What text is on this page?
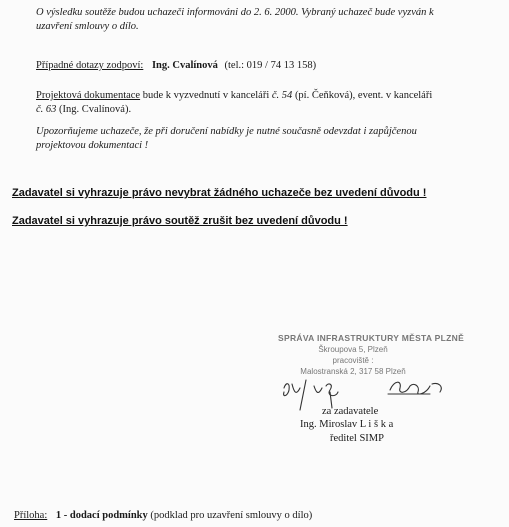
O výsledku soutěže budou uchazeči informováni do 2. 6. 2000. Vybraný uchazeč bude vyzván k
uzavření smlouvy o dílo.
Případné dotazy zodpoví: Ing. Cvalínová (tel.: 019 / 74 13 158)
Projektová dokumentace bude k vyzvednutí v kanceláři č. 54 (pí. Čeňková), event. v kanceláři
č. 63 (Ing. Cvalínová).
Upozorňujeme uchazeče, že při doručení nabídky je nutné současně odevzdat i zapůjčenou
projektovou dokumentaci !
Zadavatel si vyhrazuje právo nevybrat žádného uchazeče bez uvedení důvodu !
Zadavatel si vyhrazuje právo soutěž zrušit bez uvedení důvodu !
SPRÁVA INFRASTRUKTURY MĚSTA PLZNĚ
Škroupova 5, Plzeň
pracoviště :
Malostranská 2, 317 58 Plzeň
za zadavatele
Ing. Miroslav L i š k a
ředitel SIMP
Příloha: 1 - dodací podmínky (podklad pro uzavření smlouvy o dílo)
